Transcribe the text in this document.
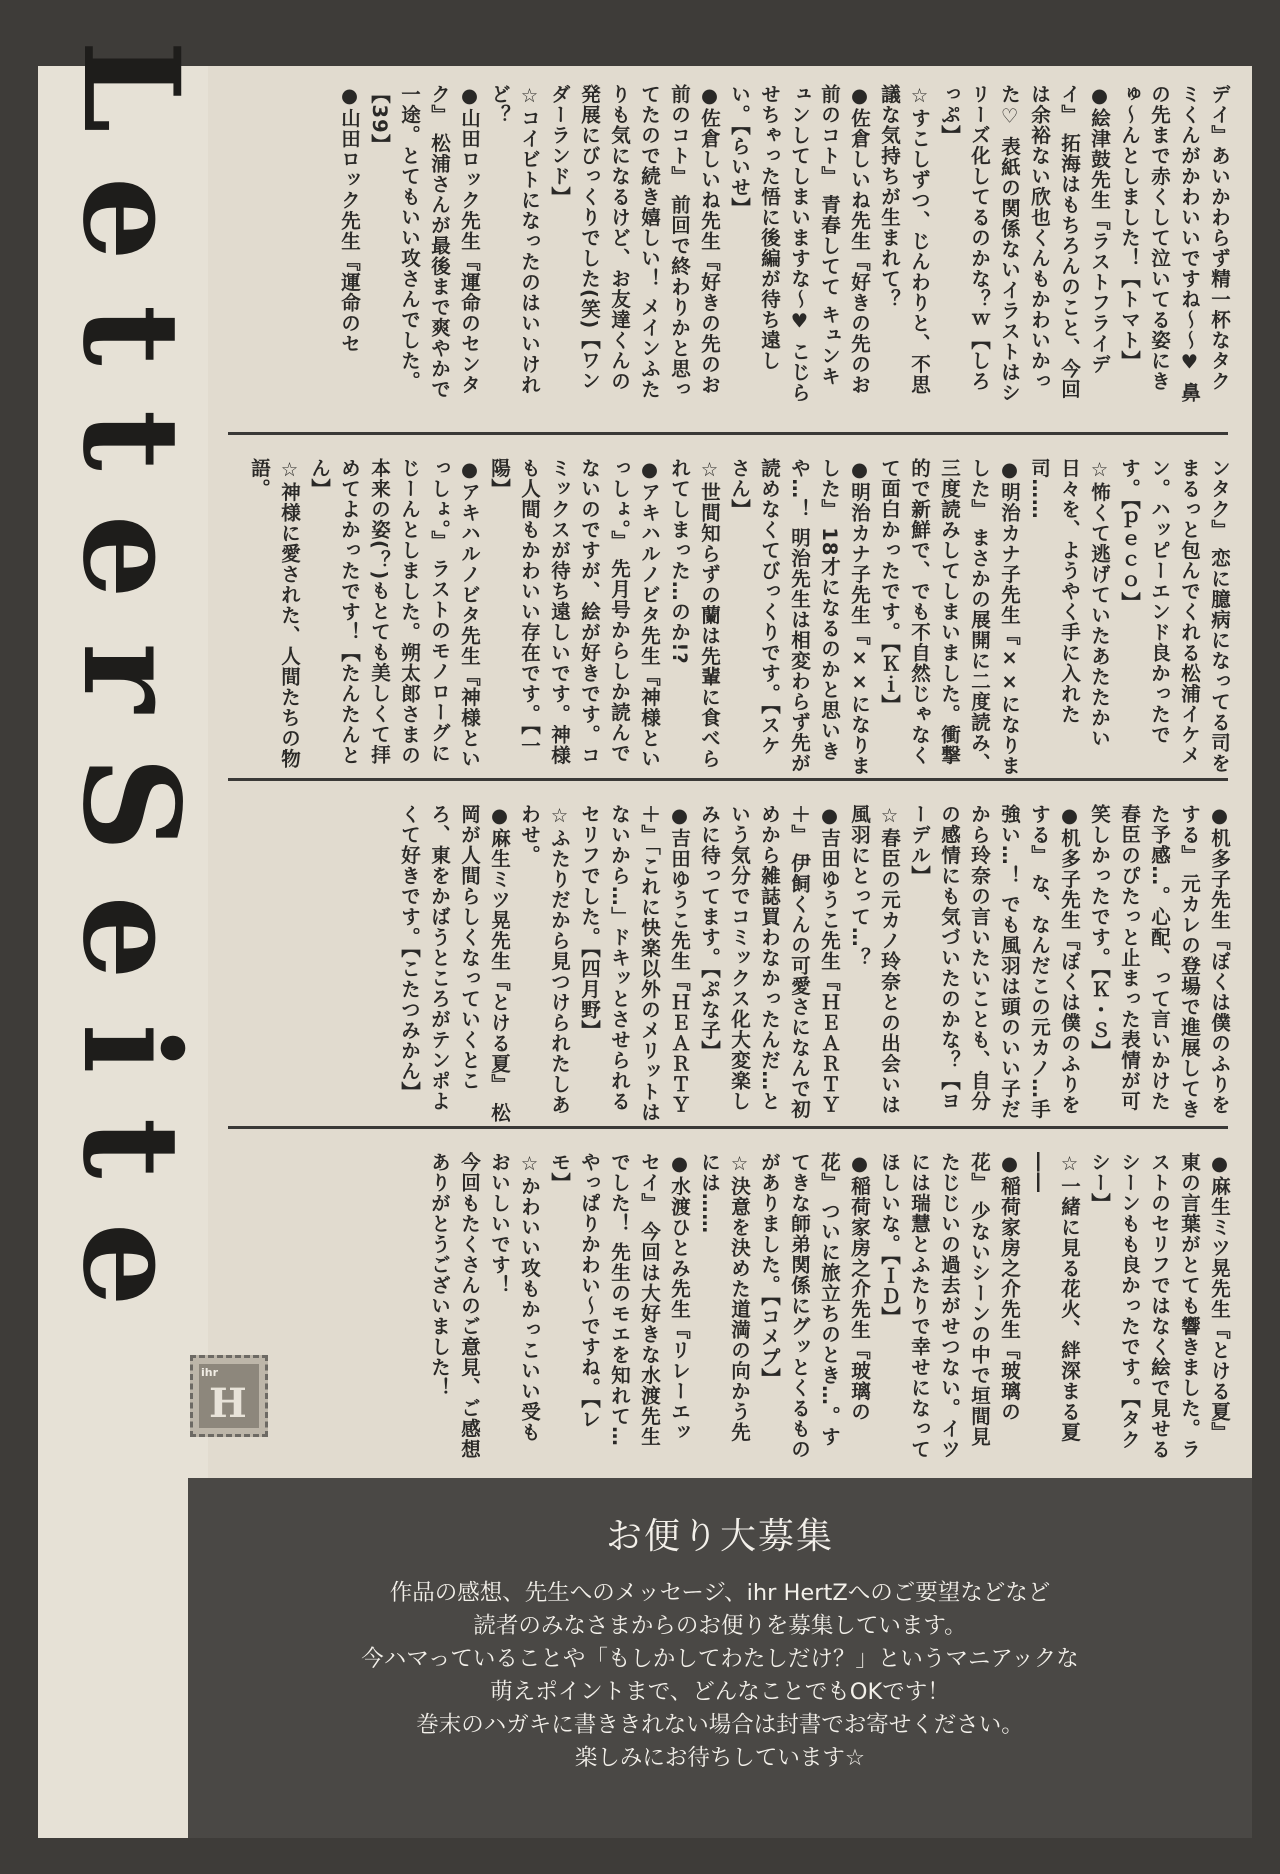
LetterSeite	デイ』あいかわらず精一杯なタクミくんがかわいいですね〜〜♥ 鼻の先まで赤くして泣いてる姿にきゅ〜んとしました！【トマト】
●絵津鼓先生『ラストフライデイ』 拓海はもちろんのこと、今回は余裕ない欣也くんもかわいかった♡ 表紙の関係ないイラストはシリーズ化してるのかな？ｗ【しろっぷ】
☆すこしずつ、じんわりと、不思議な気持ちが生まれて？
●佐倉しいね先生『好きの先のお前のコト』 青春してて キュンキュンしてしまいますな〜♥ こじらせちゃった悟に後編が待ち遠しい。【らいせ】
●佐倉しいね先生『好きの先のお前のコト』 前回で終わりかと思ってたので続き嬉しい！ メインふたりも気になるけど、お友達くんの発展にびっくりでした(笑)【ワンダーランド】
☆コイビトになったのはいいけれど？
●山田ロック先生『運命のセンタク』 松浦さんが最後まで爽やかで一途。とてもいい攻さんでした。【39】
●山田ロック先生『運命のセ
ンタク』 恋に臆病になってる司をまるっと包んでくれる松浦イケメン。ハッピーエンド良かったです。【ｐｅｃｏ】
☆怖くて逃げていたあたたかい日々を、ようやく手に入れた司……
●明治カナ子先生『××になりました』 まさかの展開に二度読み、三度読みしてしまいました。衝撃的で新鮮で、でも不自然じゃなくて面白かったです。【Ｋｉ】
●明治カナ子先生『××になりました』 18才になるのかと思いきや…！ 明治先生は相変わらず先が読めなくてびっくりです。【スケさん】
☆世間知らずの蘭は先輩に食べられてしまった…のか!?
●アキハルノビタ先生『神様といっしょ。』 先月号からしか読んでないのですが、絵が好きです。コミックスが待ち遠しいです。神様も人間もかわいい存在です。【一陽】
●アキハルノビタ先生『神様といっしょ。』 ラストのモノローグにじーんとしました。朔太郎さまの本来の姿(？)もとても美しくて拝めてよかったです！【たんたんとん】
☆神様に愛された、人間たちの物語。
●机多子先生『ぼくは僕のふりをする』 元カレの登場で進展してきた予感…。心配、って言いかけた春臣のぴたっと止まった表情が可笑しかったです。【Ｋ・Ｓ】
●机多子先生『ぼくは僕のふりをする』 な、なんだこの元カノ…手強い…！ でも風羽は頭のいい子だから玲奈の言いたいことも、自分の感情にも気づいたのかな？【ヨーデル】
☆春臣の元カノ玲奈との出会いは風羽にとって…？
●吉田ゆうこ先生『ＨＥＡＲＴＹ＋』 伊飼くんの可愛さになんで初めから雑誌買わなかったんだ…という気分でコミックス化大変楽しみに待ってます。【ぷな子】
●吉田ゆうこ先生『ＨＥＡＲＴＹ＋』「これに快楽以外のメリットはないから…」ドキッとさせられるセリフでした。【四月野】
☆ふたりだから見つけられたしあわせ。
●麻生ミツ晃先生『とける夏』 松岡が人間らしくなっていくところ、東をかばうところがテンポよくて好きです。【こたつみかん】
●麻生ミツ晃先生『とける夏』 東の言葉がとても響きました。ラストのセリフではなく絵で見せるシーンもも良かったです。【タクシー】
☆一緒に見る花火、絆深まる夏――
●稲荷家房之介先生『玻璃の花』 少ないシーンの中で垣間見たじじいの過去がせつない。イツには瑞慧とふたりで幸せになってほしいな。【ＩＤ】
●稲荷家房之介先生『玻璃の花』 ついに旅立ちのとき…。すてきな師弟関係にグッとくるものがありました。【コメプ】
☆決意を決めた道満の向かう先には……
●水渡ひとみ先生『リレーエッセイ』 今回は大好きな水渡先生でした！ 先生のモエを知れて…やっぱりかわい〜ですね。【レモ】
☆かわいい攻もかっこいい受もおいしいです！
今回もたくさんのご意見、ご感想ありがとうございました！
ihr
H
お便り大募集

作品の感想、先生へのメッセージ、ihr HertZへのご要望などなど
読者のみなさまからのお便りを募集しています。
今ハマっていることや「もしかしてわたしだけ？」というマニアックな
萌えポイントまで、どんなことでもOKです！
巻末のハガキに書ききれない場合は封書でお寄せください。
楽しみにお待ちしています☆
